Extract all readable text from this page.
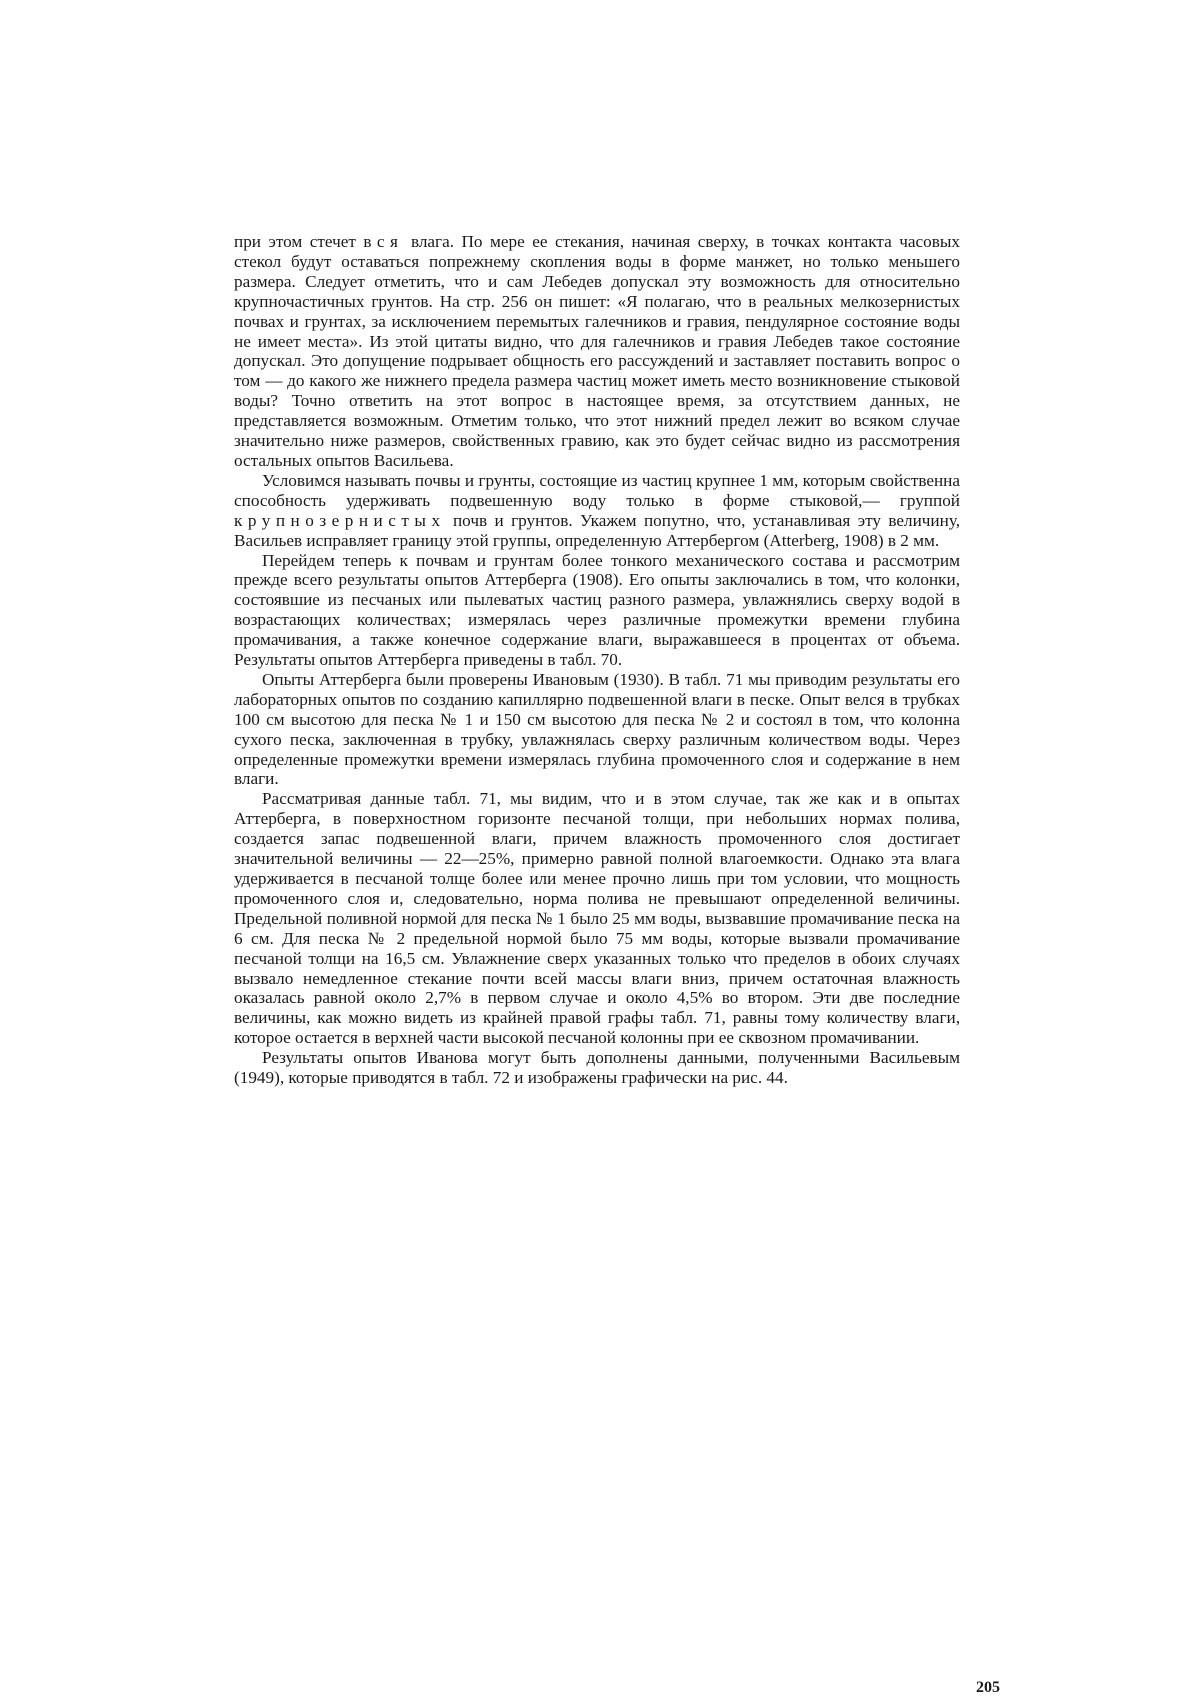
при этом стечет вся влага. По мере ее стекания, начиная сверху, в точках контакта часовых стекол будут оставаться попрежнему скопления воды в форме манжет, но только меньшего размера. Следует отметить, что и сам Лебедев допускал эту возможность для относительно крупночастичных грунтов. На стр. 256 он пишет: «Я полагаю, что в реальных мелкозернистых почвах и грунтах, за исключением перемытых галечников и гравия, пендулярное состояние воды не имеет места». Из этой цитаты видно, что для галечников и гравия Лебедев такое состояние допускал. Это допущение подрывает общность его рассуждений и заставляет поставить вопрос о том — до какого же нижнего предела размера частиц может иметь место возникновение стыковой воды? Точно ответить на этот вопрос в настоящее время, за отсутствием данных, не представляется возможным. Отметим только, что этот нижний предел лежит во всяком случае значительно ниже размеров, свойственных гравию, как это будет сейчас видно из рассмотрения остальных опытов Васильева.

Условимся называть почвы и грунты, состоящие из частиц крупнее 1 мм, которым свойственна способность удерживать подвешенную воду только в форме стыковой,— группой крупнозернистых почв и грунтов. Укажем попутно, что, устанавливая эту величину, Васильев исправляет границу этой группы, определенную Аттербергом (Atterberg, 1908) в 2 мм.

Перейдем теперь к почвам и грунтам более тонкого механического состава и рассмотрим прежде всего результаты опытов Аттерберга (1908). Его опыты заключались в том, что колонки, состоявшие из песчаных или пылеватых частиц разного размера, увлажнялись сверху водой в возрастающих количествах; измерялась через различные промежутки времени глубина промачивания, а также конечное содержание влаги, выражавшееся в процентах от объема. Результаты опытов Аттерберга приведены в табл. 70.

Опыты Аттерберга были проверены Ивановым (1930). В табл. 71 мы приводим результаты его лабораторных опытов по созданию капиллярно подвешенной влаги в песке. Опыт велся в трубках 100 см высотою для песка № 1 и 150 см высотою для песка № 2 и состоял в том, что колонна сухого песка, заключенная в трубку, увлажнялась сверху различным количеством воды. Через определенные промежутки времени измерялась глубина промоченного слоя и содержание в нем влаги.

Рассматривая данные табл. 71, мы видим, что и в этом случае, так же как и в опытах Аттерберга, в поверхностном горизонте песчаной толщи, при небольших нормах полива, создается запас подвешенной влаги, причем влажность промоченного слоя достигает значительной величины — 22—25%, примерно равной полной влагоемкости. Однако эта влага удерживается в песчаной толще более или менее прочно лишь при том условии, что мощность промоченного слоя и, следовательно, норма полива не превышают определенной величины. Предельной поливной нормой для песка № 1 было 25 мм воды, вызвавшие промачивание песка на 6 см. Для песка № 2 предельной нормой было 75 мм воды, которые вызвали промачивание песчаной толщи на 16,5 см. Увлажнение сверх указанных только что пределов в обоих случаях вызвало немедленное стекание почти всей массы влаги вниз, причем остаточная влажность оказалась равной около 2,7% в первом случае и около 4,5% во втором. Эти две последние величины, как можно видеть из крайней правой графы табл. 71, равны тому количеству влаги, которое остается в верхней части высокой песчаной колонны при ее сквозном промачивании.

Результаты опытов Иванова могут быть дополнены данными, полученными Васильевым (1949), которые приводятся в табл. 72 и изображены графически на рис. 44.

205
